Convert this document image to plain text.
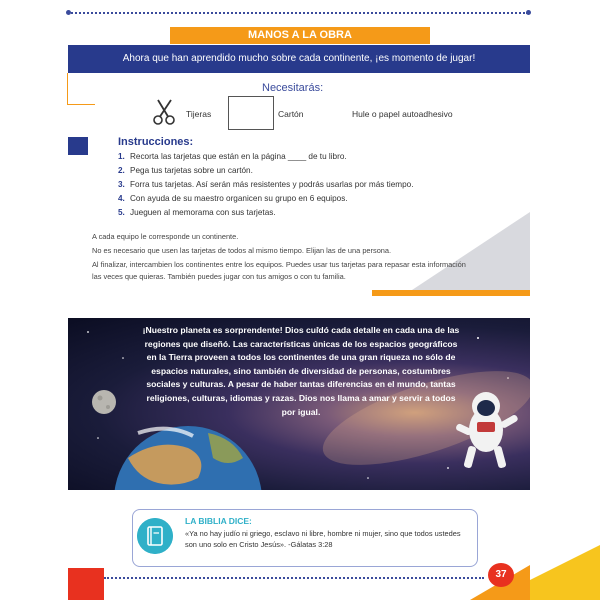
MANOS A LA OBRA
Ahora que han aprendido mucho sobre cada continente, ¡es momento de jugar!
Necesitarás:
Tijeras	Cartón	Hule o papel autoadhesivo
Instrucciones:
1. Recorta las tarjetas que están en la página ____ de tu libro.
2. Pega tus tarjetas sobre un cartón.
3. Forra tus tarjetas. Así serán más resistentes y podrás usarlas por más tiempo.
4. Con ayuda de su maestro organicen su grupo en 6 equipos.
5. Jueguen al memorama con sus tarjetas.
A cada equipo le corresponde un continente.
No es necesario que usen las tarjetas de todos al mismo tiempo. Elijan las de una persona.
Al finalizar, intercambien los continentes entre los equipos. Puedes usar tus tarjetas para repasar esta información las veces que quieras. También puedes jugar con tus amigos o con tu familia.
¡Nuestro planeta es sorprendente! Dios cuidó cada detalle en cada una de las regiones que diseñó. Las características únicas de los espacios geográficos en la Tierra proveen a todos los continentes de una gran riqueza no sólo de espacios naturales, sino también de diversidad de personas, costumbres sociales y culturas. A pesar de haber tantas diferencias en el mundo, tantas religiones, culturas, idiomas y razas. Dios nos llama a amar y servir a todos por igual.
LA BIBLIA DICE:
«Ya no hay judío ni griego, esclavo ni libre, hombre ni mujer, sino que todos ustedes son uno solo en Cristo Jesús». -Gálatas 3:28
37
